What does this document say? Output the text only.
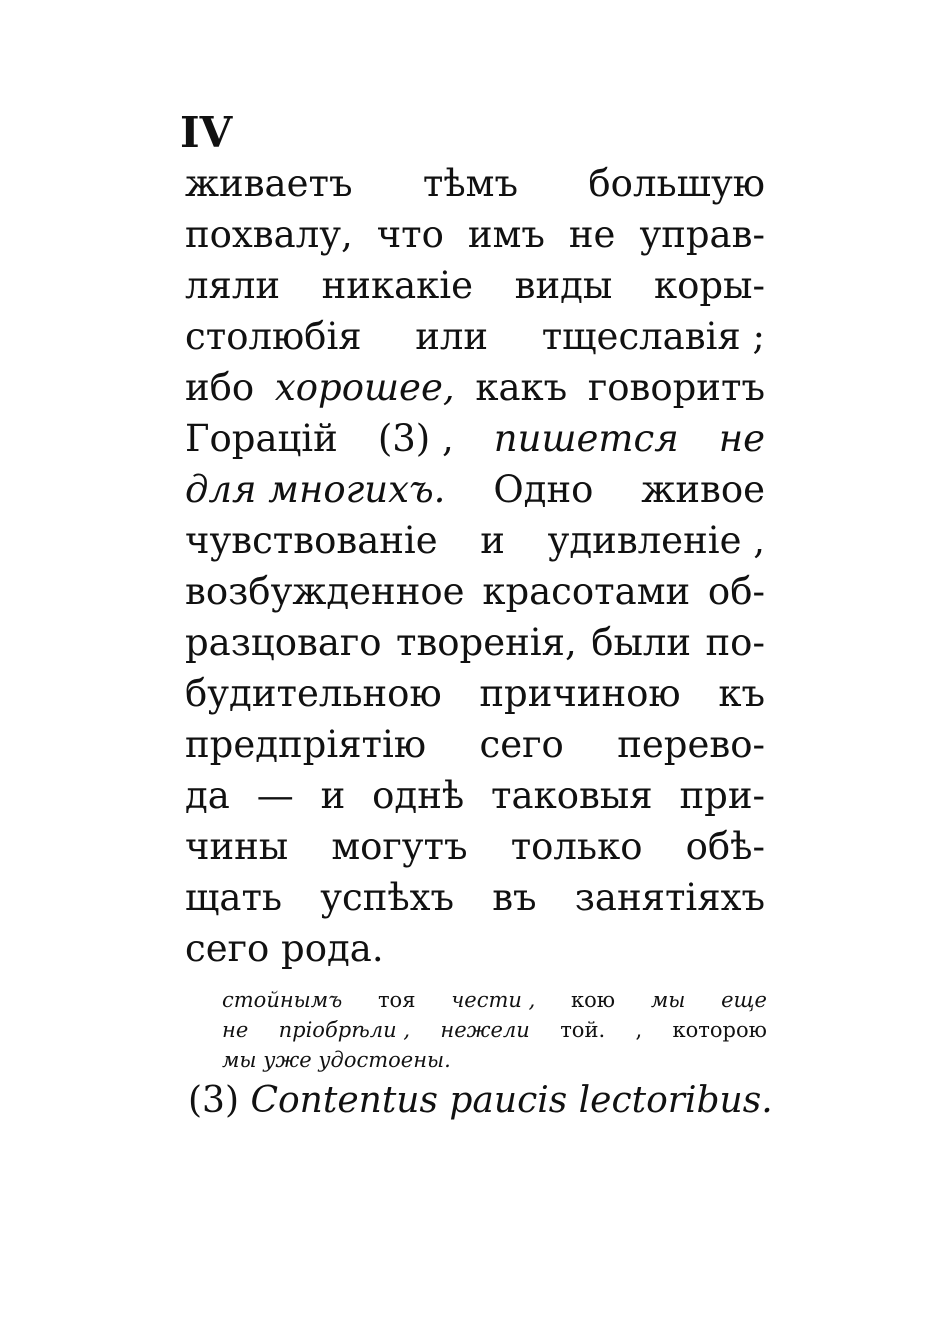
IV
живаетъ тѣмъ большую
похвалу, что имъ не управ-
ляли никакіе виды коры-
столюбія или тщеславія ;
ибо хорошее, какъ говоритъ
Горацій (3) , пишется не
для многихъ. Одно живое
чувствованіе и удивленіе ,
возбужденное красотами об-
разцоваго творенія, были по-
будительною причиною къ
предпріятію сего перево-
да — и однѣ таковыя при-
чины могутъ только обѣ-
щать успѣхъ въ занятіяхъ
сего рода.
стойнымъ тоя чести , кою мы еще
не пріобрѣли , нежели той. , которою
мы уже удостоены.
(3) Contentus paucis lectoribus.
